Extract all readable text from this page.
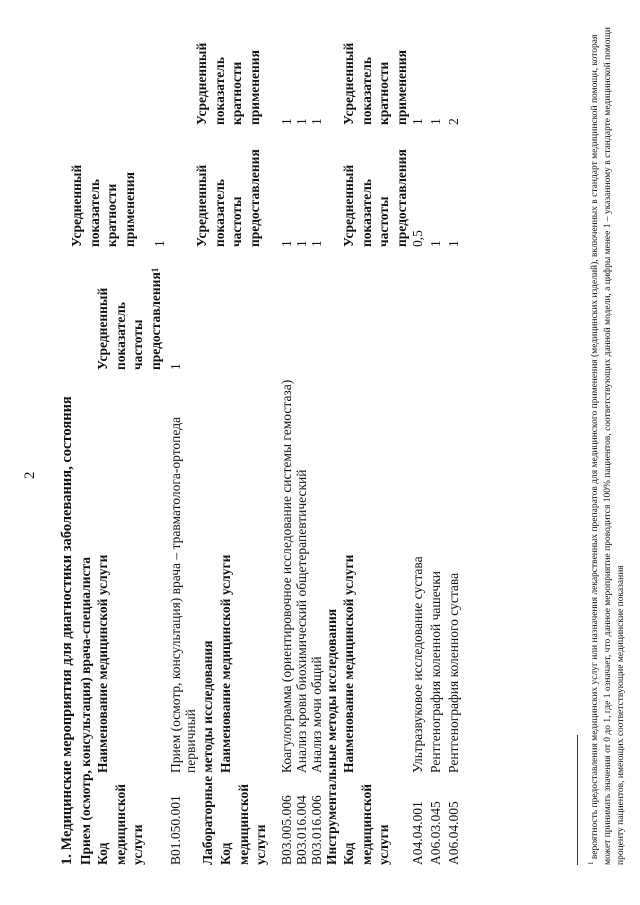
2 1. Медицинские мероприятия для диагностики заболевания, состояния Прием (осмотр, консультация) врача-специалиста Код медицинской услуги
Наименование медицинской услуги
Усредненный показатель частоты предоставления$^1$
Усредненный показатель кратности применения
B01.050.001
Прием (осмотр, консультация) врача – травматолога-ортопеда первичный
1
1
Лабораторные методы исследования Код медицинской услуги
Наименование медицинской услуги
Усредненный показатель частоты предоставления
Усредненный показатель кратности применения
B03.005.006
Коагулограмма (ориентировочное исследование системы гемостаза)
1
1
B03.016.004
Анализ крови биохимический общетерапевтический
1
1
B03.016.006
Анализ мочи общий
1
1
Инструментальные методы исследования Код медицинской услуги
Наименование медицинской услуги
Усредненный показатель частоты предоставления
Усредненный показатель кратности применения
A04.04.001
Ультразвуковое исследование сустава
0,5
1
A06.03.045
Рентгенография коленной чашечки
1
1
A06.04.005
Рентгенография коленного сустава
1
2
$^1$ вероятность предоставления медицинских услуг или назначения лекарственных препаратов для медицинского применения (медицинских изделий), включенных в стандарт медицинской помощи, которая может принимать значения от 0 до 1, где 1 означает, что данное мероприятие проводится 100% пациентов, соответствующих данной модели, а цифры менее 1 – указанному в стандарте медицинской помощи проценту пациентов, имеющих соответствующие медицинские показания
